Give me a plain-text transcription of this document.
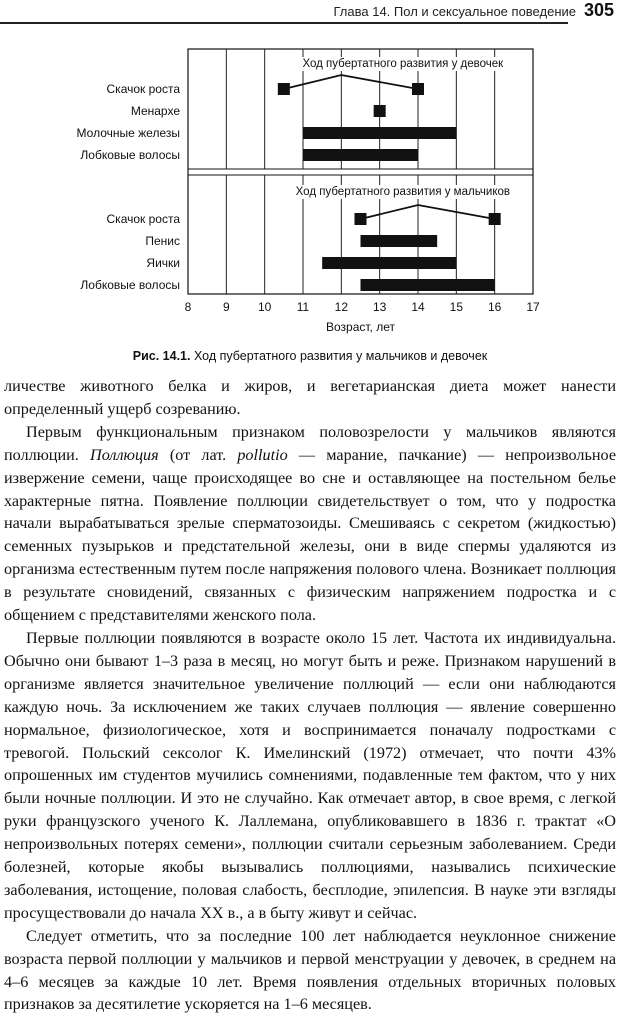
Глава 14. Пол и сексуальное поведение 305
Ход пубертатного развития у девочек
Скачок роста
Менархе
Молочные железы
Лобковые волосы
Ход пубертатного развития у мальчиков
Скачок роста
Пенис
Яички
Лобковые волосы
8	9 10 11 12 13 14 15 16 17
Возраст, лет
Рис. 14.1. Ход пубертатного развития у мальчиков и девочек

личестве животного белка и жиров, и вегетарианская диета может нанести определенный ущерб созреванию.

Первым функциональным признаком половозрелости у мальчиков являются поллюции. Поллюция (от лат. pollutio — марание, пачкание) — непроизвольное извержение семени, чаще происходящее во сне и оставляющее на постельном белье характерные пятна. Появление поллюции свидетельствует о том, что у подростка начали вырабатываться зрелые сперматозоиды. Смешиваясь с секретом (жидкостью) семенных пузырьков и предстательной железы, они в виде спермы удаляются из организма естественным путем после напряжения полового члена. Возникает поллюция в результате сновидений, связанных с физическим напряжением подростка и с общением с представителями женского пола.

Первые поллюции появляются в возрасте около 15 лет. Частота их индивидуальна. Обычно они бывают 1–3 раза в месяц, но могут быть и реже. Признаком нарушений в организме является значительное увеличение поллюций — если они наблюдаются каждую ночь. За исключением же таких случаев поллюция — явление совершенно нормальное, физиологическое, хотя и воспринимается поначалу подростками с тревогой. Польский сексолог К. Имелинский (1972) отмечает, что почти 43% опрошенных им студентов мучились сомнениями, подавленные тем фактом, что у них были ночные поллюции. И это не случайно. Как отмечает автор, в свое время, с легкой руки французского ученого К. Лаллемана, опубликовавшего в 1836 г. трактат «О непроизвольных потерях семени», поллюции считали серьезным заболеванием. Среди болезней, которые якобы вызывались поллюциями, назывались психические заболевания, истощение, половая слабость, бесплодие, эпилепсия. В науке эти взгляды просуществовали до начала XX в., а в быту живут и сейчас.

Следует отметить, что за последние 100 лет наблюдается неуклонное снижение возраста первой поллюции у мальчиков и первой менструации у девочек, в среднем на 4–6 месяцев за каждые 10 лет. Время появления отдельных вторичных половых признаков за десятилетие ускоряется на 1–6 месяцев.
